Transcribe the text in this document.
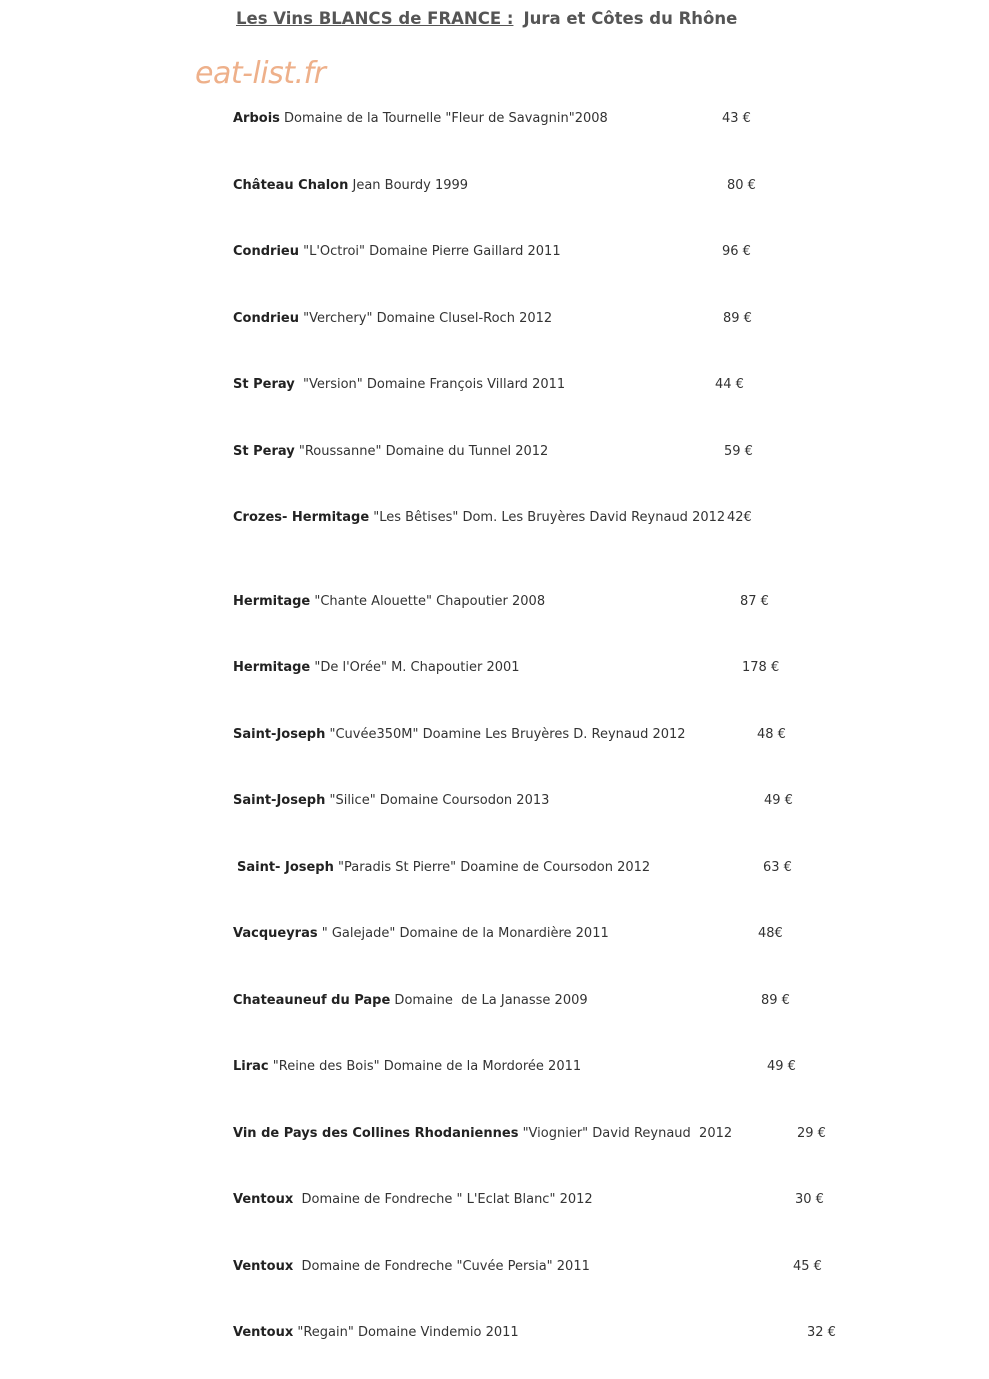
Les Vins BLANCS de FRANCE : Jura et Côtes du Rhône
eat-list.fr
Arbois Domaine de la Tournelle "Fleur de Savagnin"2008	43 €
Château Chalon Jean Bourdy 1999	80 €
Condrieu "L'Octroi" Domaine Pierre Gaillard 2011	96 €
Condrieu "Verchery" Domaine Clusel-Roch 2012	89 €
St Peray  "Version" Domaine François Villard 2011	44 €
St Peray "Roussanne" Domaine du Tunnel 2012	59 €
Crozes- Hermitage "Les Bêtises" Dom. Les Bruyères David Reynaud 2012 42€
Hermitage "Chante Alouette" Chapoutier 2008	87 €
Hermitage "De l'Orée" M. Chapoutier 2001	178 €
Saint-Joseph "Cuvée350M" Doamine Les Bruyères D. Reynaud 2012	48 €
Saint-Joseph "Silice" Domaine Coursodon 2013	49 €
Saint- Joseph "Paradis St Pierre" Doamine de Coursodon 2012	63 €
Vacqueyras " Galejade" Domaine de la Monardière 2011	48€
Chateauneuf du Pape Domaine  de La Janasse 2009	89 €
Lirac "Reine des Bois" Domaine de la Mordorée 2011	49 €
Vin de Pays des Collines Rhodaniennes "Viognier" David Reynaud  2012	29 €
Ventoux  Domaine de Fondreche " L'Eclat Blanc" 2012	30 €
Ventoux  Domaine de Fondreche "Cuvée Persia" 2011	45 €
Ventoux "Regain" Domaine Vindemio 2011	32 €
